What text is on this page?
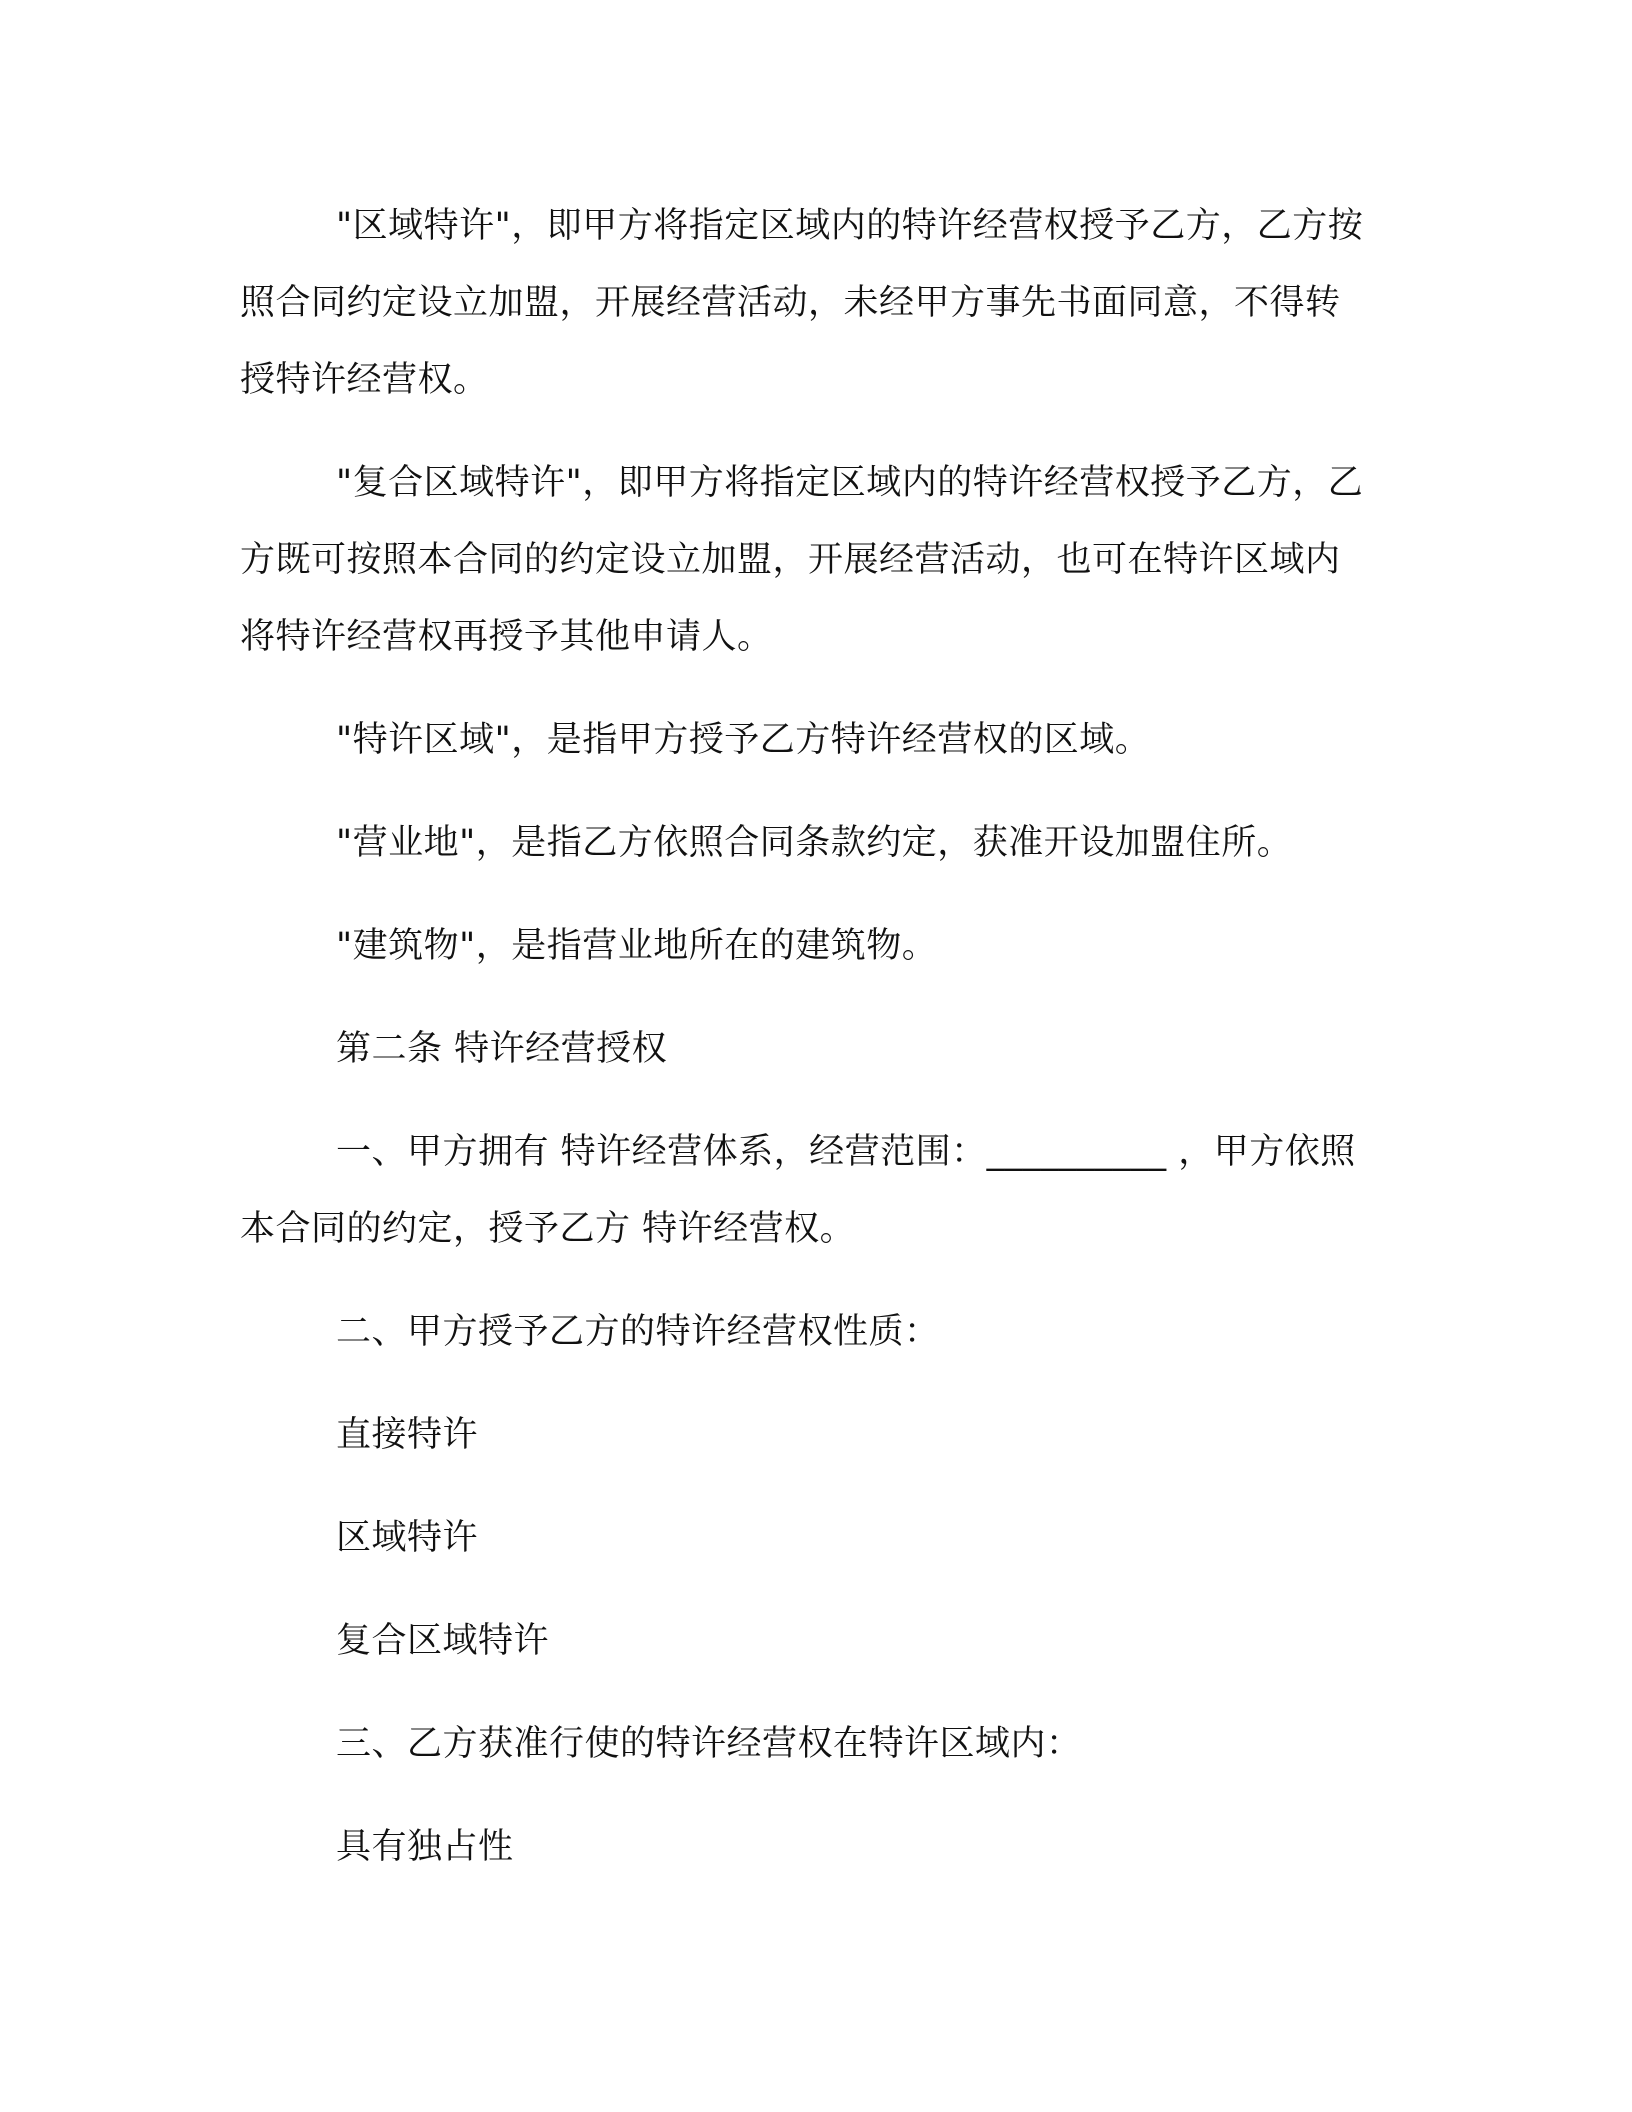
"区域特许"，即甲方将指定区域内的特许经营权授予乙方，乙方按照合同约定设立加盟，开展经营活动，未经甲方事先书面同意，不得转授特许经营权。

"复合区域特许"，即甲方将指定区域内的特许经营权授予乙方，乙方既可按照本合同的约定设立加盟，开展经营活动，也可在特许区域内将特许经营权再授予其他申请人。

"特许区域"，是指甲方授予乙方特许经营权的区域。

"营业地"，是指乙方依照合同条款约定，获准开设加盟住所。

"建筑物"，是指营业地所在的建筑物。

第二条 特许经营授权

一、甲方拥有 特许经营体系，经营范围：__________ ，甲方依照本合同的约定，授予乙方 特许经营权。

二、甲方授予乙方的特许经营权性质：

直接特许

区域特许

复合区域特许

三、乙方获准行使的特许经营权在特许区域内：

具有独占性
